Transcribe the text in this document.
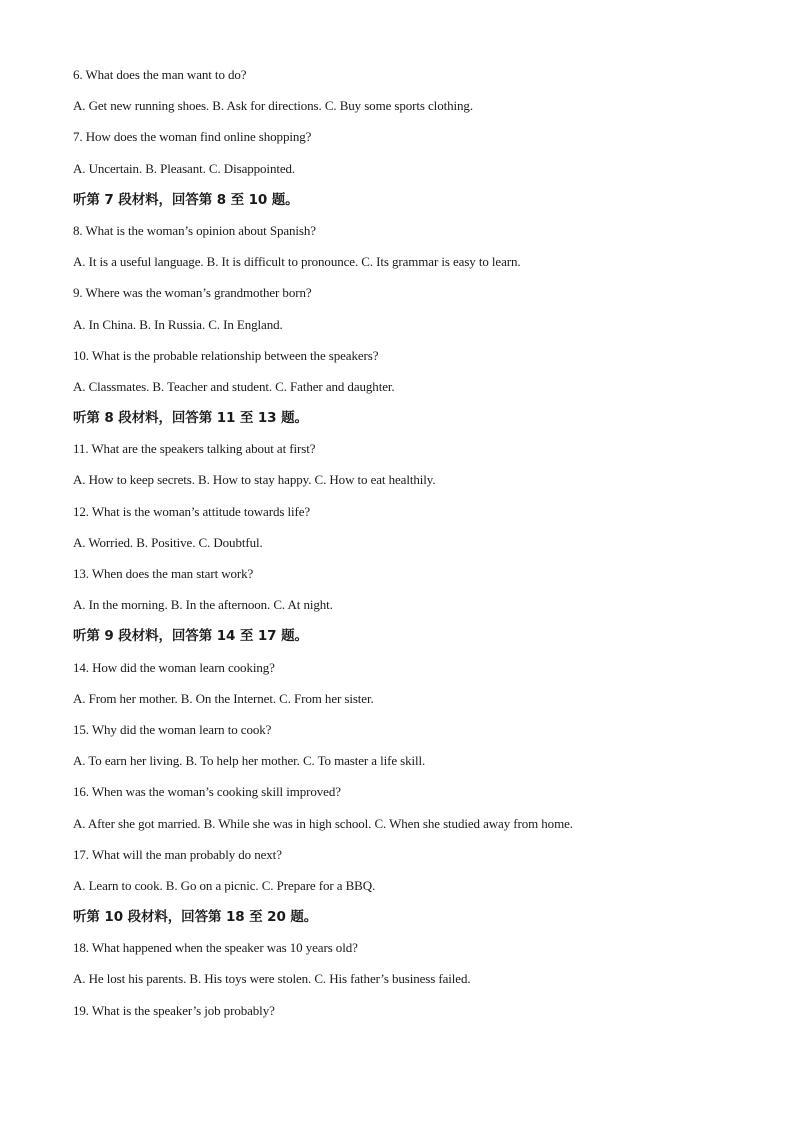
6. What does the man want to do?
A. Get new running shoes. B. Ask for directions. C. Buy some sports clothing.
7. How does the woman find online shopping?
A. Uncertain. B. Pleasant. C. Disappointed.
听第 7 段材料，回答第 8 至 10 题。
8. What is the woman’s opinion about Spanish?
A. It is a useful language. B. It is difficult to pronounce. C. Its grammar is easy to learn.
9. Where was the woman’s grandmother born?
A. In China. B. In Russia. C. In England.
10. What is the probable relationship between the speakers?
A. Classmates. B. Teacher and student. C. Father and daughter.
听第 8 段材料，回答第 11 至 13 题。
11. What are the speakers talking about at first?
A. How to keep secrets. B. How to stay happy. C. How to eat healthily.
12. What is the woman’s attitude towards life?
A. Worried. B. Positive. C. Doubtful.
13. When does the man start work?
A. In the morning. B. In the afternoon. C. At night.
听第 9 段材料，回答第 14 至 17 题。
14. How did the woman learn cooking?
A. From her mother. B. On the Internet. C. From her sister.
15. Why did the woman learn to cook?
A. To earn her living. B. To help her mother. C. To master a life skill.
16. When was the woman’s cooking skill improved?
A. After she got married. B. While she was in high school. C. When she studied away from home.
17. What will the man probably do next?
A. Learn to cook. B. Go on a picnic. C. Prepare for a BBQ.
听第 10 段材料，回答第 18 至 20 题。
18. What happened when the speaker was 10 years old?
A. He lost his parents. B. His toys were stolen. C. His father’s business failed.
19. What is the speaker’s job probably?
